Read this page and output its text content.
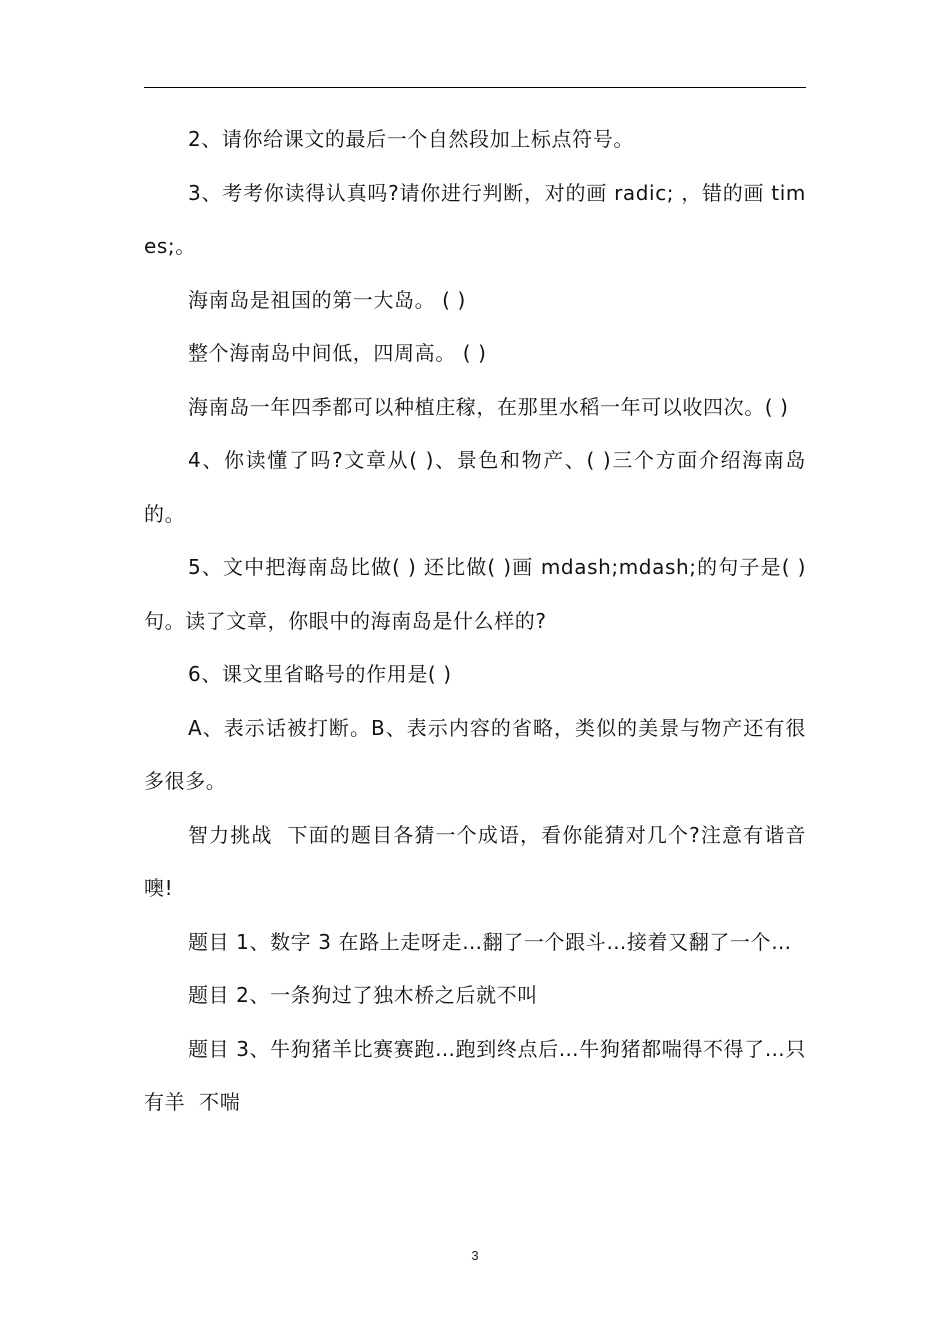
2、请你给课文的最后一个自然段加上标点符号。

3、考考你读得认真吗?请你进行判断，对的画 radic; ，错的画 times;。

海南岛是祖国的第一大岛。 ( )

整个海南岛中间低，四周高。 ( )

海南岛一年四季都可以种植庄稼，在那里水稻一年可以收四次。( )

4、你读懂了吗?文章从( )、景色和物产、( )三个方面介绍海南岛的。

5、文中把海南岛比做( ) 还比做( )画 mdash;mdash;的句子是( )句。读了文章，你眼中的海南岛是什么样的?

6、课文里省略号的作用是( )

A、表示话被打断。B、表示内容的省略，类似的美景与物产还有很多很多。

智力挑战  下面的题目各猜一个成语，看你能猜对几个?注意有谐音噢!

题目 1、数字 3 在路上走呀走…翻了一个跟斗…接着又翻了一个…

题目 2、一条狗过了独木桥之后就不叫

题目 3、牛狗猪羊比赛赛跑…跑到终点后…牛狗猪都喘得不得了…只有羊  不喘

3
